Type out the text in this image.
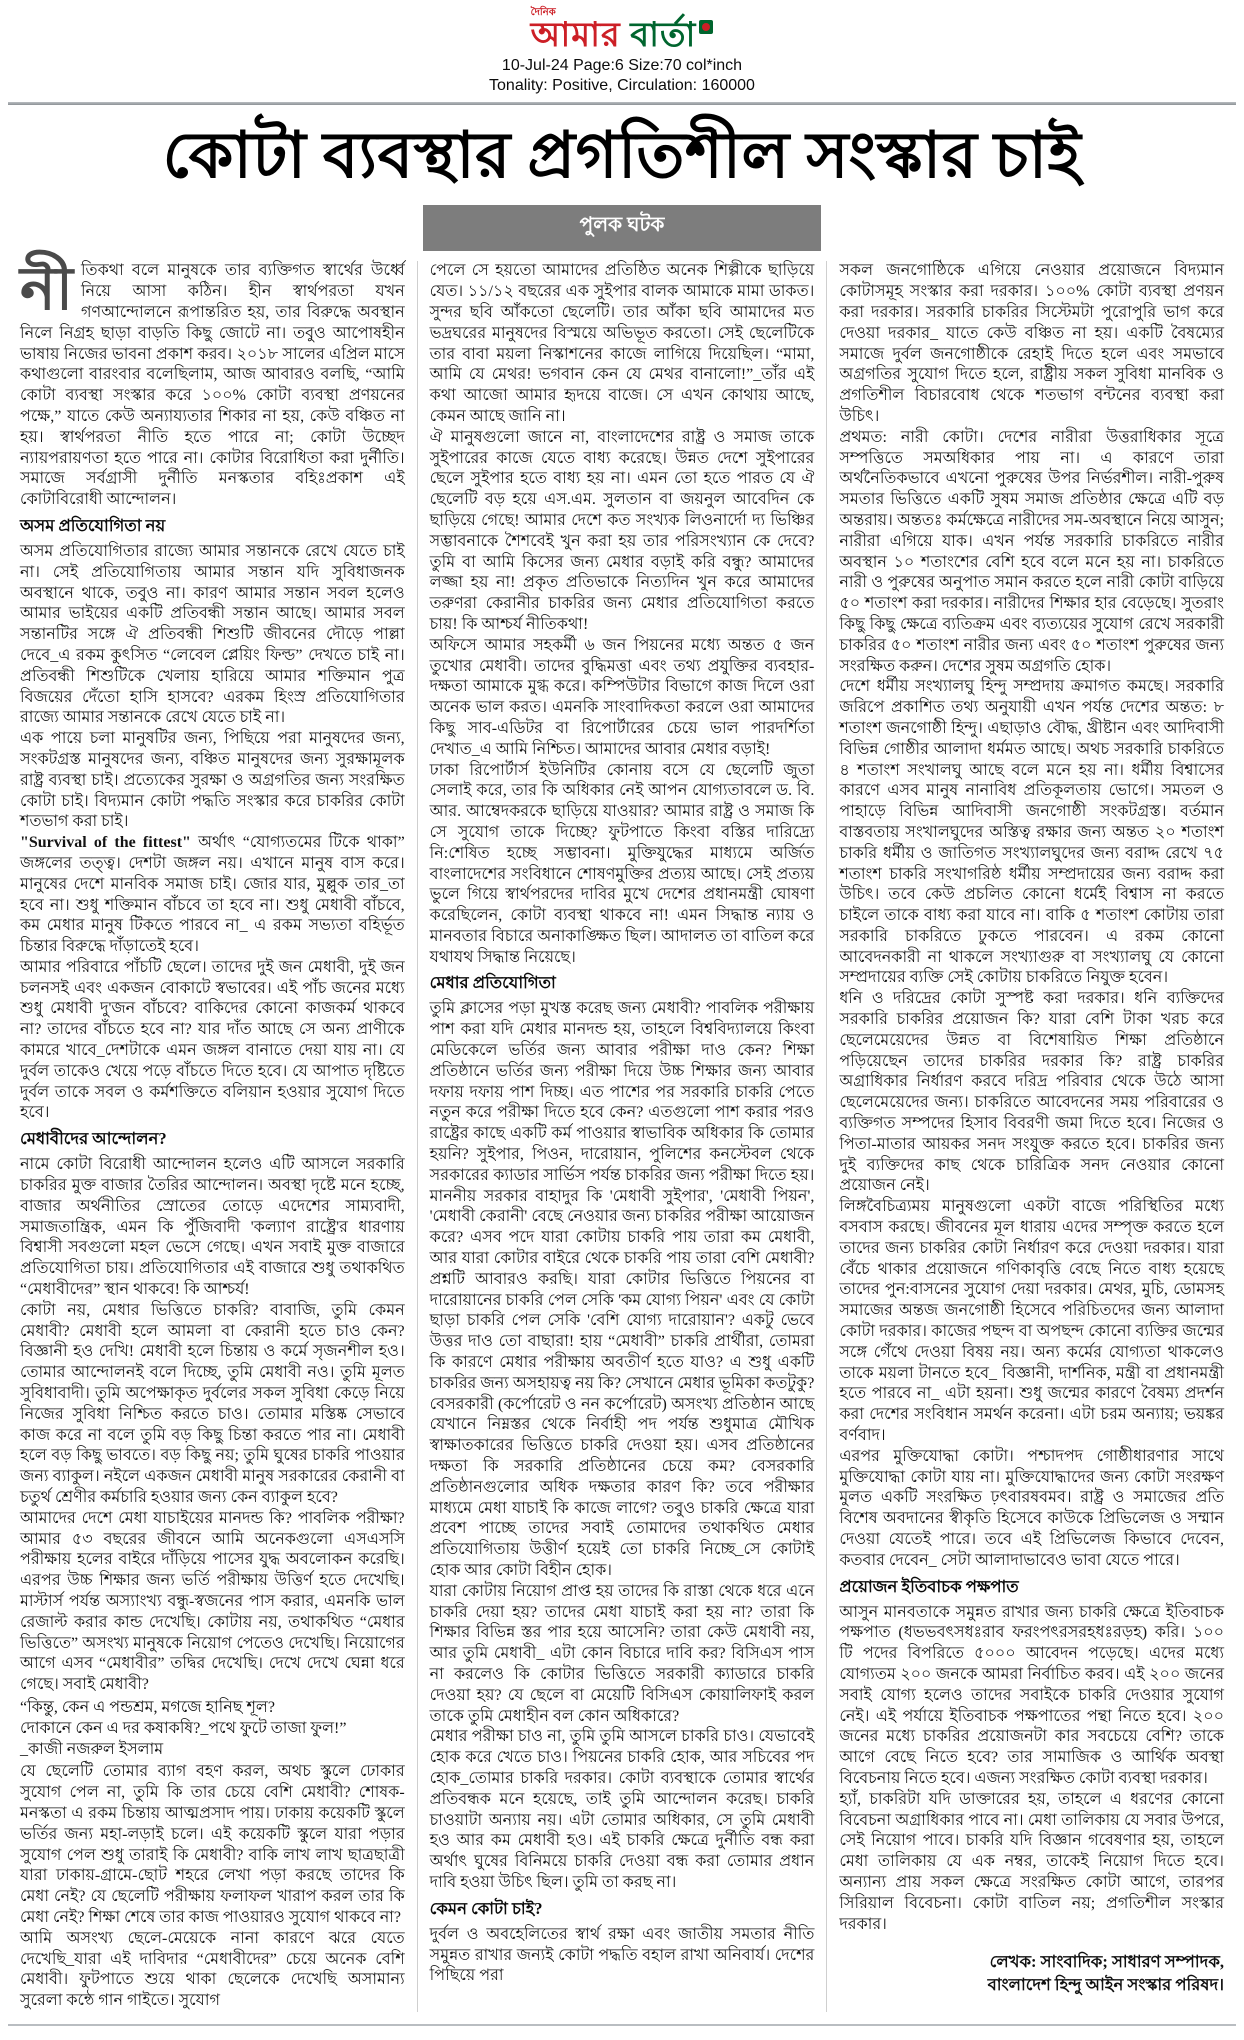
দৈনিক
আমার বার্তা
10-Jul-24 Page:6 Size:70 col*inch
Tonality: Positive, Circulation: 160000
কোটা ব্যবস্থার প্রগতিশীল সংস্কার চাই
পুলক ঘটক

নীতিকথা বলে মানুষকে তার ব্যক্তিগত স্বার্থের উর্ধ্বে নিয়ে আসা কঠিন। হীন স্বার্থপরতা যখন গণআন্দোলনে রূপান্তরিত হয়, তার বিরুদ্ধে অবস্থান নিলে নিগ্রহ ছাড়া বাড়তি কিছু জোটে না। তবুও আপোষহীন ভাষায় নিজের ভাবনা প্রকাশ করব। ২০১৮ সালের এপ্রিল মাসে কথাগুলো বারংবার বলেছিলাম, আজ আবারও বলছি, “আমি কোটা ব্যবস্থা সংস্কার করে ১০০% কোটা ব্যবস্থা প্রণয়নের পক্ষে,” যাতে কেউ অন্যায্যতার শিকার না হয়, কেউ বঞ্চিত না হয়। স্বার্থপরতা নীতি হতে পারে না; কোটা উচ্ছেদ ন্যায়পরায়ণতা হতে পারে না। কোটার বিরোধিতা করা দুর্নীতি। সমাজে সর্বগ্রাসী দুর্নীতি মনস্কতার বহিঃপ্রকাশ এই কোটাবিরোধী আন্দোলন।

অসম প্রতিযোগিতা নয়

অসম প্রতিযোগিতার রাজ্যে আমার সন্তানকে রেখে যেতে চাই না। সেই প্রতিযোগিতায় আমার সন্তান যদি সুবিধাজনক অবস্থানে থাকে, তবুও না। কারণ আমার সন্তান সবল হলেও আমার ভাইয়ের একটি প্রতিবন্ধী সন্তান আছে। আমার সবল সন্তানটির সঙ্গে ঐ প্রতিবন্ধী শিশুটি জীবনের দৌড়ে পাল্লা দেবে_এ রকম কুৎসিত “লেবেল প্লেয়িং ফিল্ড” দেখতে চাই না। প্রতিবন্ধী শিশুটিকে খেলায় হারিয়ে আমার শক্তিমান পুত্র বিজয়ের দেঁতো হাসি হাসবে? এরকম হিংস্র প্রতিযোগিতার রাজ্যে আমার সন্তানকে রেখে যেতে চাই না।

এক পায়ে চলা মানুষটির জন্য, পিছিয়ে পরা মানুষদের জন্য, সংকটগ্রস্ত মানুষদের জন্য, বঞ্চিত মানুষদের জন্য সুরক্ষামূলক রাষ্ট্র ব্যবস্থা চাই। প্রত্যেকের সুরক্ষা ও অগ্রগতির জন্য সংরক্ষিত কোটা চাই। বিদ্যমান কোটা পদ্ধতি সংস্কার করে চাকরির কোটা শতভাগ করা চাই।

"Survival of the fittest" অর্থাৎ “যোগ্যতমের টিকে থাকা” জঙ্গলের তত্ত্ব। দেশটা জঙ্গল নয়। এখানে মানুষ বাস করে। মানুষের দেশে মানবিক সমাজ চাই। জোর যার, মুল্লুক তার_তা হবে না। শুধু শক্তিমান বাঁচবে তা হবে না। শুধু মেধাবী বাঁচবে, কম মেধার মানুষ টিকতে পারবে না_ এ রকম সভ্যতা বহির্ভূত চিন্তার বিরুদ্ধে দাঁড়াতেই হবে।

আমার পরিবারে পাঁচটি ছেলে। তাদের দুই জন মেধাবী, দুই জন চলনসই এবং একজন বোকাটে স্বভাবের। এই পাঁচ জনের মধ্যে শুধু মেধাবী দু'জন বাঁচবে? বাকিদের কোনো কাজকর্ম থাকবে না? তাদের বাঁচতে হবে না? যার দাঁত আছে সে অন্য প্রাণীকে কামরে খাবে_দেশটাকে এমন জঙ্গল বানাতে দেয়া যায় না। যে দুর্বল তাকেও খেয়ে পড়ে বাঁচতে দিতে হবে। যে আপাত দৃষ্টিতে দুর্বল তাকে সবল ও কর্মশক্তিতে বলিয়ান হওয়ার সুযোগ দিতে হবে।

মেধাবীদের আন্দোলন?

নামে কোটা বিরোধী আন্দোলন হলেও এটি আসলে সরকারি চাকরির মুক্ত বাজার তৈরির আন্দোলন। অবস্থা দৃষ্টে মনে হচ্ছে, বাজার অর্থনীতির স্রোতের তোড়ে এদেশের সাম্যবাদী, সমাজতান্ত্রিক, এমন কি পুঁজিবাদী 'কল্যাণ রাষ্ট্রে'র ধারণায় বিশ্বাসী সবগুলো মহল ভেসে গেছে। এখন সবাই মুক্ত বাজারে প্রতিযোগিতা চায়। প্রতিযোগিতার এই বাজারে শুধু তথাকথিত “মেধাবীদের” স্থান থাকবে! কি আশ্চর্য!

কোটা নয়, মেধার ভিত্তিতে চাকরি? বাবাজি, তুমি কেমন মেধাবী? মেধাবী হলে আমলা বা কেরানী হতে চাও কেন? বিজ্ঞানী হও দেখি! মেধাবী হলে চিন্তায় ও কর্মে সৃজনশীল হও। তোমার আন্দোলনই বলে দিচ্ছে, তুমি মেধাবী নও। তুমি মূলত সুবিধাবাদী। তুমি অপেক্ষাকৃত দুর্বলের সকল সুবিধা কেড়ে নিয়ে নিজের সুবিধা নিশ্চিত করতে চাও। তোমার মস্তিষ্ক সেভাবে কাজ করে না বলে তুমি বড় কিছু চিন্তা করতে পার না। মেধাবী হলে বড় কিছু ভাবতে। বড় কিছু নয়; তুমি ঘুষের চাকরি পাওয়ার জন্য ব্যাকুল। নইলে একজন মেধাবী মানুষ সরকারের কেরানী বা চতুর্থ শ্রেণীর কর্মচারি হওয়ার জন্য কেন ব্যাকুল হবে?

আমাদের দেশে মেধা যাচাইয়ের মানদন্ড কি? পাবলিক পরীক্ষা? আমার ৫৩ বছরের জীবনে আমি অনেকগুলো এসএসসি পরীক্ষায় হলের বাইরে দাঁড়িয়ে পাসের যুদ্ধ অবলোকন করেছি। এরপর উচ্চ শিক্ষার জন্য ভর্তি পরীক্ষায় উত্তির্ণ হতে দেখেছি। মাস্টার্স পর্যন্ত অস্যাংখ্য বন্ধু-স্বজনের পাস করার, এমনকি ভাল রেজাল্ট করার কান্ড দেখেছি। কোটায় নয়, তথাকথিত “মেধার ভিত্তিতে” অসংখ্য মানুষকে নিয়োগ পেতেও দেখেছি। নিয়োগের আগে এসব “মেধাবীর” তদ্বির দেখেছি। দেখে দেখে ঘেন্না ধরে গেছে। সবাই মেধাবী?

“কিন্তু, কেন এ পন্ডশ্রম, মগজে হানিছ শূল?
দোকানে কেন এ দর কষাকষি?_পথে ফুটে তাজা ফুল!”
_কাজী নজরুল ইসলাম

যে ছেলেটি তোমার ব্যাগ বহণ করল, অথচ স্কুলে ঢোকার সুযোগ পেল না, তুমি কি তার চেয়ে বেশি মেধাবী? শোষক-মনস্কতা এ রকম চিন্তায় আত্মপ্রসাদ পায়। ঢাকায় কয়েকটি স্কুলে ভর্তির জন্য মহা-লড়াই চলে। এই কয়েকটি স্কুলে যারা পড়ার সুযোগ পেল শুধু তারাই কি মেধাবী? বাকি লাখ লাখ ছাত্রছাত্রী যারা ঢাকায়-গ্রামে-ছোট শহরে লেখা পড়া করছে তাদের কি মেধা নেই? যে ছেলেটি পরীক্ষায় ফলাফল খারাপ করল তার কি মেধা নেই? শিক্ষা শেষে তার কাজ পাওয়ারও সুযোগ থাকবে না?

আমি অসংখ্য ছেলে-মেয়েকে নানা কারণে ঝরে যেতে দেখেছি_যারা এই দাবিদার “মেধাবীদের” চেয়ে অনেক বেশি মেধাবী। ফুটপাতে শুয়ে থাকা ছেলেকে দেখেছি অসামান্য সুরেলা কন্ঠে গান গাইতে। সুযোগ

পেলে সে হয়তো আমাদের প্রতিষ্ঠিত অনেক শিল্পীকে ছাড়িয়ে যেত। ১১/১২ বছরের এক সুইপার বালক আমাকে মামা ডাকত। সুন্দর ছবি আঁকতো ছেলেটি। তার আঁকা ছবি আমাদের মত ভদ্রঘরের মানুষদের বিস্ময়ে অভিভূত করতো। সেই ছেলেটিকে তার বাবা ময়লা নিস্কাশনের কাজে লাগিয়ে দিয়েছিল। “মামা, আমি যে মেথর! ভগবান কেন যে মেথর বানালো!”_তাঁর এই কথা আজো আমার হৃদয়ে বাজে। সে এখন কোথায় আছে, কেমন আছে জানি না।

ঐ মানুষগুলো জানে না, বাংলাদেশের রাষ্ট্র ও সমাজ তাকে সুইপারের কাজে যেতে বাধ্য করেছে। উন্নত দেশে সুইপারের ছেলে সুইপার হতে বাধ্য হয় না। এমন তো হতে পারত যে ঐ ছেলেটি বড় হয়ে এস.এম. সুলতান বা জয়নুল আবেদিন কে ছাড়িয়ে গেছে! আমার দেশে কত সংখ্যক লিওনার্দো দ্য ভিঞ্চির সম্ভাবনাকে শৈশবেই খুন করা হয় তার পরিসংখ্যান কে দেবে? তুমি বা আমি কিসের জন্য মেধার বড়াই করি বন্ধু? আমাদের লজ্জা হয় না! প্রকৃত প্রতিভাকে নিত্যদিন খুন করে আমাদের তরুণরা কেরানীর চাকরির জন্য মেধার প্রতিযোগিতা করতে চায়! কি আশ্চর্য নীতিকথা!

অফিসে আমার সহকর্মী ৬ জন পিয়নের মধ্যে অন্তত ৫ জন তুখোর মেধাবী। তাদের বুদ্ধিমত্তা এবং তথ্য প্রযুক্তির ব্যবহার-দক্ষতা আমাকে মুগ্ধ করে। কম্পিউটার বিভাগে কাজ দিলে ওরা অনেক ভাল করত। এমনকি সাংবাদিকতা করলে ওরা আমাদের কিছু সাব-এডিটর বা রিপোর্টারের চেয়ে ভাল পারদর্শিতা দেখাত_এ আমি নিশ্চিত। আমাদের আবার মেধার বড়াই!

ঢাকা রিপোর্টার্স ইউনিটির কোনায় বসে যে ছেলেটি জুতা সেলাই করে, তার কি অধিকার নেই আপন যোগ্যতাবলে ড. বি. আর. আম্বেদকরকে ছাড়িয়ে যাওয়ার? আমার রাষ্ট্র ও সমাজ কি সে সুযোগ তাকে দিচ্ছে? ফুটপাতে কিংবা বস্তির দারিদ্র্যে নি:শেষিত হচ্ছে সম্ভাবনা। মুক্তিযুদ্ধের মাধ্যমে অর্জিত বাংলাদেশের সংবিধানে শোষণমুক্তির প্রত্যয় আছে। সেই প্রত্যয় ভুলে গিয়ে স্বার্থপরদের দাবির মুখে দেশের প্রধানমন্ত্রী ঘোষণা করেছিলেন, কোটা ব্যবস্থা থাকবে না! এমন সিদ্ধান্ত ন্যায় ও মানবতার বিচারে অনাকাঙ্ক্ষিত ছিল। আদালত তা বাতিল করে যথাযথ সিদ্ধান্ত নিয়েছে।

মেধার প্রতিযোগিতা

তুমি ক্লাসের পড়া মুখস্ত করেছ জন্য মেধাবী? পাবলিক পরীক্ষায় পাশ করা যদি মেধার মানদন্ড হয়, তাহলে বিশ্ববিদ্যালয়ে কিংবা মেডিকেলে ভর্তির জন্য আবার পরীক্ষা দাও কেন? শিক্ষা প্রতিষ্ঠানে ভর্তির জন্য পরীক্ষা দিয়ে উচ্চ শিক্ষার জন্য আবার দফায় দফায় পাশ দিচ্ছ। এত পাশের পর সরকারি চাকরি পেতে নতুন করে পরীক্ষা দিতে হবে কেন? এতগুলো পাশ করার পরও রাষ্ট্রের কাছে একটি কর্ম পাওয়ার স্বাভাবিক অধিকার কি তোমার হয়নি? সুইপার, পিওন, দারোয়ান, পুলিশের কনস্টেবল থেকে সরকারের ক্যাডার সার্ভিস পর্যন্ত চাকরির জন্য পরীক্ষা দিতে হয়। মাননীয় সরকার বাহাদুর কি 'মেধাবী সুইপার', 'মেধাবী পিয়ন', 'মেধাবী কেরানী' বেছে নেওয়ার জন্য চাকরির পরীক্ষা আয়োজন করে? এসব পদে যারা কোটায় চাকরি পায় তারা কম মেধাবী, আর যারা কোটার বাইরে থেকে চাকরি পায় তারা বেশি মেধাবী? প্রশ্নটি আবারও করছি। যারা কোটার ভিত্তিতে পিয়নের বা দারোয়ানের চাকরি পেল সেকি 'কম যোগ্য পিয়ন' এবং যে কোটা ছাড়া চাকরি পেল সেকি 'বেশি যোগ্য দারোয়ান'? একটু ভেবে উত্তর দাও তো বাছারা! হায় “মেধাবী” চাকরি প্রার্থীরা, তোমরা কি কারণে মেধার পরীক্ষায় অবতীর্ণ হতে যাও? এ শুধু একটি চাকরির জন্য অসহায়ত্ব নয় কি? সেখানে মেধার ভূমিকা কতটুকু?

বেসরকারী (কর্পোরেট ও নন কর্পোরেট) অসংখ্য প্রতিষ্ঠান আছে যেখানে নিম্নস্তর থেকে নির্বাহী পদ পর্যন্ত শুধুমাত্র মৌখিক স্বাক্ষাতকারের ভিত্তিতে চাকরি দেওয়া হয়। এসব প্রতিষ্ঠানের দক্ষতা কি সরকারি প্রতিষ্ঠানের চেয়ে কম? বেসরকারি প্রতিষ্ঠানগুলোর অধিক দক্ষতার কারণ কি? তবে পরীক্ষার মাধ্যমে মেধা যাচাই কি কাজে লাগে? তবুও চাকরি ক্ষেত্রে যারা প্রবেশ পাচ্ছে তাদের সবাই তোমাদের তথাকথিত মেধার প্রতিযোগিতায় উত্তীর্ণ হয়েই তো চাকরি নিচ্ছে_সে কোটাই হোক আর কোটা বিহীন হোক।

যারা কোটায় নিয়োগ প্রাপ্ত হয় তাদের কি রাস্তা থেকে ধরে এনে চাকরি দেয়া হয়? তাদের মেধা যাচাই করা হয় না? তারা কি শিক্ষার বিভিন্ন স্তর পার হয়ে আসেনি? তারা কেউ মেধাবী নয়, আর তুমি মেধাবী_ এটা কোন বিচারে দাবি কর? বিসিএস পাস না করলেও কি কোটার ভিত্তিতে সরকারী ক্যাডারে চাকরি দেওয়া হয়? যে ছেলে বা মেয়েটি বিসিএস কোয়ালিফাই করল তাকে তুমি মেধাহীন বল কোন অধিকারে?

মেধার পরীক্ষা চাও না, তুমি তুমি আসলে চাকরি চাও। যেভাবেই হোক করে খেতে চাও। পিয়নের চাকরি হোক, আর সচিবের পদ হোক_তোমার চাকরি দরকার। কোটা ব্যবস্থাকে তোমার স্বার্থের প্রতিবন্ধক মনে হয়েছে, তাই তুমি আন্দোলন করেছ। চাকরি চাওয়াটা অন্যায় নয়। এটা তোমার অধিকার, সে তুমি মেধাবী হও আর কম মেধাবী হও। এই চাকরি ক্ষেত্রে দুর্নীতি বন্ধ করা অর্থাৎ ঘুষের বিনিময়ে চাকরি দেওয়া বন্ধ করা তোমার প্রধান দাবি হওয়া উচিৎ ছিল। তুমি তা করছ না।

কেমন কোটা চাই?

দুর্বল ও অবহেলিতের স্বার্থ রক্ষা এবং জাতীয় সমতার নীতি সমুন্নত রাখার জন্যই কোটা পদ্ধতি বহাল রাখা অনিবার্য। দেশের পিছিয়ে পরা

সকল জনগোষ্ঠিকে এগিয়ে নেওয়ার প্রয়োজনে বিদ্যমান কোটাসমূহ সংস্কার করা দরকার। ১০০% কোটা ব্যবস্থা প্রণয়ন করা দরকার। সরকারি চাকরির সিস্টেমটা পুরোপুরি ভাগ করে দেওয়া দরকার_ যাতে কেউ বঞ্চিত না হয়। একটি বৈষম্যের সমাজে দুর্বল জনগোষ্ঠীকে রেহাই দিতে হলে এবং সমভাবে অগ্রগতির সুযোগ দিতে হলে, রাষ্ট্রীয় সকল সুবিধা মানবিক ও প্রগতিশীল বিচারবোধ থেকে শতভাগ বন্টনের ব্যবস্থা করা উচিৎ।

প্রথমত: নারী কোটা। দেশের নারীরা উত্তরাধিকার সূত্রে সম্পত্তিতে সমঅধিকার পায় না। এ কারণে তারা অর্থনৈতিকভাবে এখনো পুরুষের উপর নির্ভরশীল। নারী-পুরুষ সমতার ভিত্তিতে একটি সুষম সমাজ প্রতিষ্ঠার ক্ষেত্রে এটি বড় অন্তরায়। অন্ততঃ কর্মক্ষেত্রে নারীদের সম-অবস্থানে নিয়ে আসুন; নারীরা এগিয়ে যাক। এখন পর্যন্ত সরকারি চাকরিতে নারীর অবস্থান ১০ শতাংশের বেশি হবে বলে মনে হয় না। চাকরিতে নারী ও পুরুষের অনুপাত সমান করতে হলে নারী কোটা বাড়িয়ে ৫০ শতাংশ করা দরকার। নারীদের শিক্ষার হার বেড়েছে। সুতরাং কিছু কিছু ক্ষেত্রে ব্যতিক্রম এবং ব্যত্যয়ের সুযোগ রেখে সরকারী চাকরির ৫০ শতাংশ নারীর জন্য এবং ৫০ শতাংশ পুরুষের জন্য সংরক্ষিত করুন। দেশের সুষম অগ্রগতি হোক।

দেশে ধর্মীয় সংখ্যালঘু হিন্দু সম্প্রদায় ক্রমাগত কমছে। সরকারি জরিপে প্রকাশিত তথ্য অনুযায়ী এখন পর্যন্ত দেশের অন্তত: ৮ শতাংশ জনগোষ্ঠী হিন্দু। এছাড়াও বৌদ্ধ, খ্রীষ্টান এবং আদিবাসী বিভিন্ন গোষ্ঠীর আলাদা ধর্মমত আছে। অথচ সরকারি চাকরিতে ৪ শতাংশ সংখালঘু আছে বলে মনে হয় না। ধর্মীয় বিশ্বাসের কারণে এসব মানুষ নানাবিধ প্রতিকূলতায় ভোগে। সমতল ও পাহাড়ে বিভিন্ন আদিবাসী জনগোষ্ঠী সংকটগ্রস্ত। বর্তমান বাস্তবতায় সংখালঘুদের অস্তিত্ব রক্ষার জন্য অন্তত ২০ শতাংশ চাকরি ধর্মীয় ও জাতিগত সংখ্যালঘুদের জন্য বরাদ্দ রেখে ৭৫ শতাংশ চাকরি সংখাগরিষ্ঠ ধর্মীয় সম্প্রদায়ের জন্য বরাদ্দ করা উচিৎ। তবে কেউ প্রচলিত কোনো ধর্মেই বিশ্বাস না করতে চাইলে তাকে বাধ্য করা যাবে না। বাকি ৫ শতাংশ কোটায় তারা সরকারি চাকরিতে ঢুকতে পারবেন। এ রকম কোনো আবেদনকারী না থাকলে সংখ্যাগুরু বা সংখ্যালঘু যে কোনো সম্প্রদায়ের ব্যক্তি সেই কোটায় চাকরিতে নিযুক্ত হবেন।

ধনি ও দরিদ্রের কোটা সুস্পষ্ট করা দরকার। ধনি ব্যক্তিদের সরকারি চাকরির প্রয়োজন কি? যারা বেশি টাকা খরচ করে ছেলেমেয়েদের উন্নত বা বিশেষায়িত শিক্ষা প্রতিষ্ঠানে পড়িয়েছেন তাদের চাকরির দরকার কি? রাষ্ট্র চাকরির অগ্রাধিকার নির্ধারণ করবে দরিদ্র পরিবার থেকে উঠে আসা ছেলেমেয়েদের জন্য। চাকরিতে আবেদনের সময় পরিবারের ও ব্যক্তিগত সম্পদের হিসাব বিবরণী জমা দিতে হবে। নিজের ও পিতা-মাতার আয়কর সনদ সংযুক্ত করতে হবে। চাকরির জন্য দুই ব্যক্তিদের কাছ থেকে চারিত্রিক সনদ নেওয়ার কোনো প্রয়োজন নেই।

লিঙ্গবৈচিত্র্যময় মানুষগুলো একটা বাজে পরিস্থিতির মধ্যে বসবাস করছে। জীবনের মূল ধারায় এদের সম্পৃক্ত করতে হলে তাদের জন্য চাকরির কোটা নির্ধারণ করে দেওয়া দরকার। যারা বেঁচে থাকার প্রয়োজনে গণিকাবৃত্তি বেছে নিতে বাধ্য হয়েছে তাদের পুন:বাসনের সুযোগ দেয়া দরকার। মেথর, মুচি, ডোমসহ সমাজের অন্তজ জনগোষ্ঠী হিসেবে পরিচিতদের জন্য আলাদা কোটা দরকার। কাজের পছন্দ বা অপছন্দ কোনো ব্যক্তির জন্মের সঙ্গে গেঁথে দেওয়া বিষয় নয়। অন্য কর্মের যোগ্যতা থাকলেও তাকে ময়লা টানতে হবে_ বিজ্ঞানী, দার্শনিক, মন্ত্রী বা প্রধানমন্ত্রী হতে পারবে না_ এটা হয়না। শুধু জন্মের কারণে বৈষম্য প্রদর্শন করা দেশের সংবিধান সমর্থন করেনা। এটা চরম অন্যায়; ভয়ঙ্কর বর্ণবাদ।

এরপর মুক্তিযোদ্ধা কোটা। পশ্চাদপদ গোষ্ঠীধারণার সাথে মুক্তিযোদ্ধা কোটা যায় না। মুক্তিযোদ্ধাদের জন্য কোটা সংরক্ষণ মুলত একটি সংরক্ষিত ঢ়ৎবারষবমব। রাষ্ট্র ও সমাজের প্রতি বিশেষ অবদানের স্বীকৃতি হিসেবে কাউকে প্রিভিলেজ ও সম্মান দেওয়া যেতেই পারে। তবে এই প্রিভিলেজ কিভাবে দেবেন, কতবার দেবেন_ সেটা আলাদাভাবেও ভাবা যেতে পারে।

প্রয়োজন ইতিবাচক পক্ষপাত

আসুন মানবতাকে সমুন্নত রাখার জন্য চাকরি ক্ষেত্রে ইতিবাচক পক্ষপাত (ধভভবৎসধঃরাব ফরংপৎরসরহধঃরড়হ) করি। ১০০ টি পদের বিপরিতে ৫০০০ আবেদন পড়েছে। এদের মধ্যে যোগ্যতম ২০০ জনকে আমরা নির্বাচিত করব। এই ২০০ জনের সবাই যোগ্য হলেও তাদের সবাইকে চাকরি দেওয়ার সুযোগ নেই। এই পর্যায়ে ইতিবাচক পক্ষপাতের পন্থা নিতে হবে। ২০০ জনের মধ্যে চাকরির প্রয়োজনটা কার সবচেয়ে বেশি? তাকে আগে বেছে নিতে হবে? তার সামাজিক ও আর্থিক অবস্থা বিবেচনায় নিতে হবে। এজন্য সংরক্ষিত কোটা ব্যবস্থা দরকার।

হ্যাঁ, চাকরিটা যদি ডাক্তারের হয়, তাহলে এ ধরণের কোনো বিবেচনা অগ্রাধিকার পাবে না। মেধা তালিকায় যে সবার উপরে, সেই নিয়োগ পাবে। চাকরি যদি বিজ্ঞান গবেষণার হয়, তাহলে মেধা তালিকায় যে এক নম্বর, তাকেই নিয়োগ দিতে হবে। অন্যান্য প্রায় সকল ক্ষেত্রে সংরক্ষিত কোটা আগে, তারপর সিরিয়াল বিবেচনা। কোটা বাতিল নয়; প্রগতিশীল সংস্কার দরকার।

লেখক: সাংবাদিক; সাধারণ সম্পাদক,
বাংলাদেশ হিন্দু আইন সংস্কার পরিষদ।
